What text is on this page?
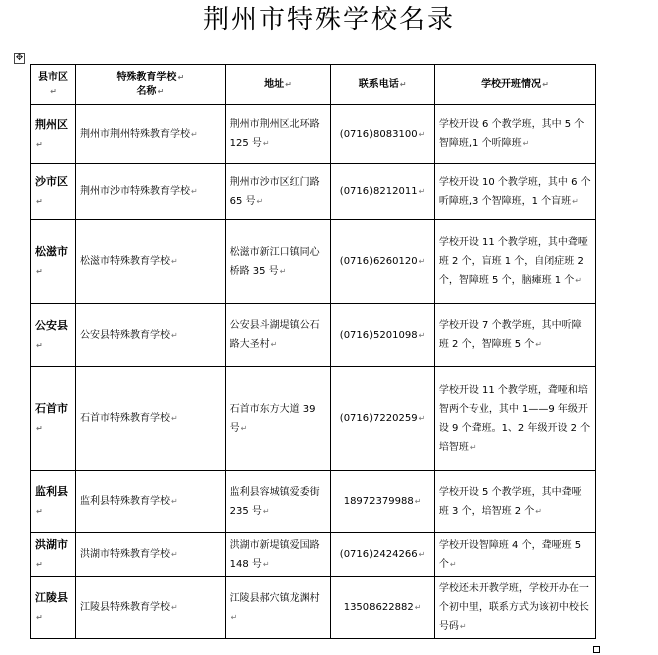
荆州市特殊学校名录
✥
县市区↵	特殊教育学校↵
名称↵	地址↵	联系电话↵	学校开班情况↵
荆州区↵	荆州市荆州特殊教育学校↵	荆州市荆州区北环路 125 号↵	(0716)8083100↵	学校开设 6 个教学班，其中 5 个智障班,1 个听障班↵
沙市区↵	荆州市沙市特殊教育学校↵	荆州市沙市区红门路 65 号↵	(0716)8212011↵	学校开设 10 个教学班，其中 6 个听障班,3 个智障班，1 个盲班↵
松滋市↵	松滋市特殊教育学校↵	松滋市新江口镇同心桥路 35 号↵	(0716)6260120↵	学校开设 11 个教学班，其中聋哑班 2 个，盲班 1 个，自闭症班 2 个，智障班 5 个，脑瘫班 1 个↵
公安县↵	公安县特殊教育学校↵	公安县斗湖堤镇公石路大圣村↵	(0716)5201098↵	学校开设 7 个教学班，其中听障班 2 个，智障班 5 个↵
石首市↵	石首市特殊教育学校↵	石首市东方大道 39 号↵	(0716)7220259↵	学校开设 11 个教学班，聋哑和培智两个专业，其中 1——9 年级开设 9 个聋班。1、2 年级开设 2 个培智班↵
监利县↵	监利县特殊教育学校↵	监利县容城镇爱委街 235 号↵	18972379988↵	学校开设 5 个教学班，其中聋哑班 3 个，培智班 2 个↵
洪湖市↵	洪湖市特殊教育学校↵	洪湖市新堤镇爱国路 148 号↵	(0716)2424266↵	学校开设智障班 4 个，聋哑班 5 个↵
江陵县↵	江陵县特殊教育学校↵	江陵县郝穴镇龙渊村↵	13508622882↵	学校还未开教学班，学校开办在一个初中里，联系方式为该初中校长号码↵
